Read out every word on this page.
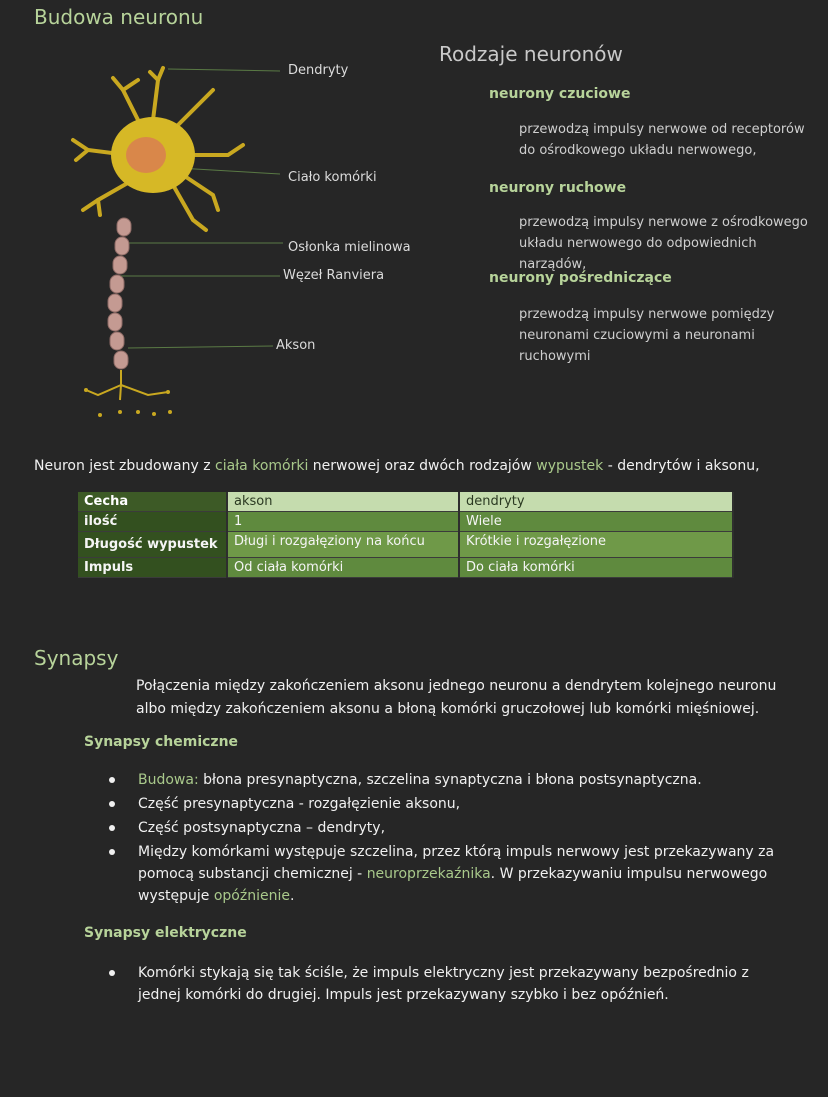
Budowa neuronu
Dendryty
Ciało komórki
Osłonka mielinowa
Węzeł Ranviera
Akson
Rodzaje neuronów
neurony czuciowe
przewodzą impulsy nerwowe od receptorów do ośrodkowego układu nerwowego,
neurony ruchowe
przewodzą impulsy nerwowe z ośrodkowego układu nerwowego do odpowiednich narządów,
neurony pośredniczące
przewodzą impulsy nerwowe pomiędzy neuronami czuciowymi a neuronami ruchowymi
Neuron jest zbudowany z ciała komórki nerwowej oraz dwóch rodzajów wypustek - dendrytów i aksonu,
Cecha	akson	dendryty
ilość	1	Wiele
Długość wypustek	Długi i rozgałęziony na końcu	Krótkie i rozgałęzione
Impuls	Od ciała komórki	Do ciała komórki
Synapsy
Połączenia między zakończeniem aksonu jednego neuronu a dendrytem kolejnego neuronu albo między zakończeniem aksonu a błoną komórki gruczołowej lub komórki mięśniowej.
Synapsy chemiczne
Budowa: błona presynaptyczna, szczelina synaptyczna i błona postsynaptyczna.
Część presynaptyczna - rozgałęzienie aksonu,
Część postsynaptyczna – dendryty,
Między komórkami występuje szczelina, przez którą impuls nerwowy jest przekazywany za pomocą substancji chemicznej - neuroprzekaźnika. W przekazywaniu impulsu nerwowego występuje opóźnienie.
Synapsy elektryczne
Komórki stykają się tak ściśle, że impuls elektryczny jest przekazywany bezpośrednio z jednej komórki do drugiej. Impuls jest przekazywany szybko i bez opóźnień.
